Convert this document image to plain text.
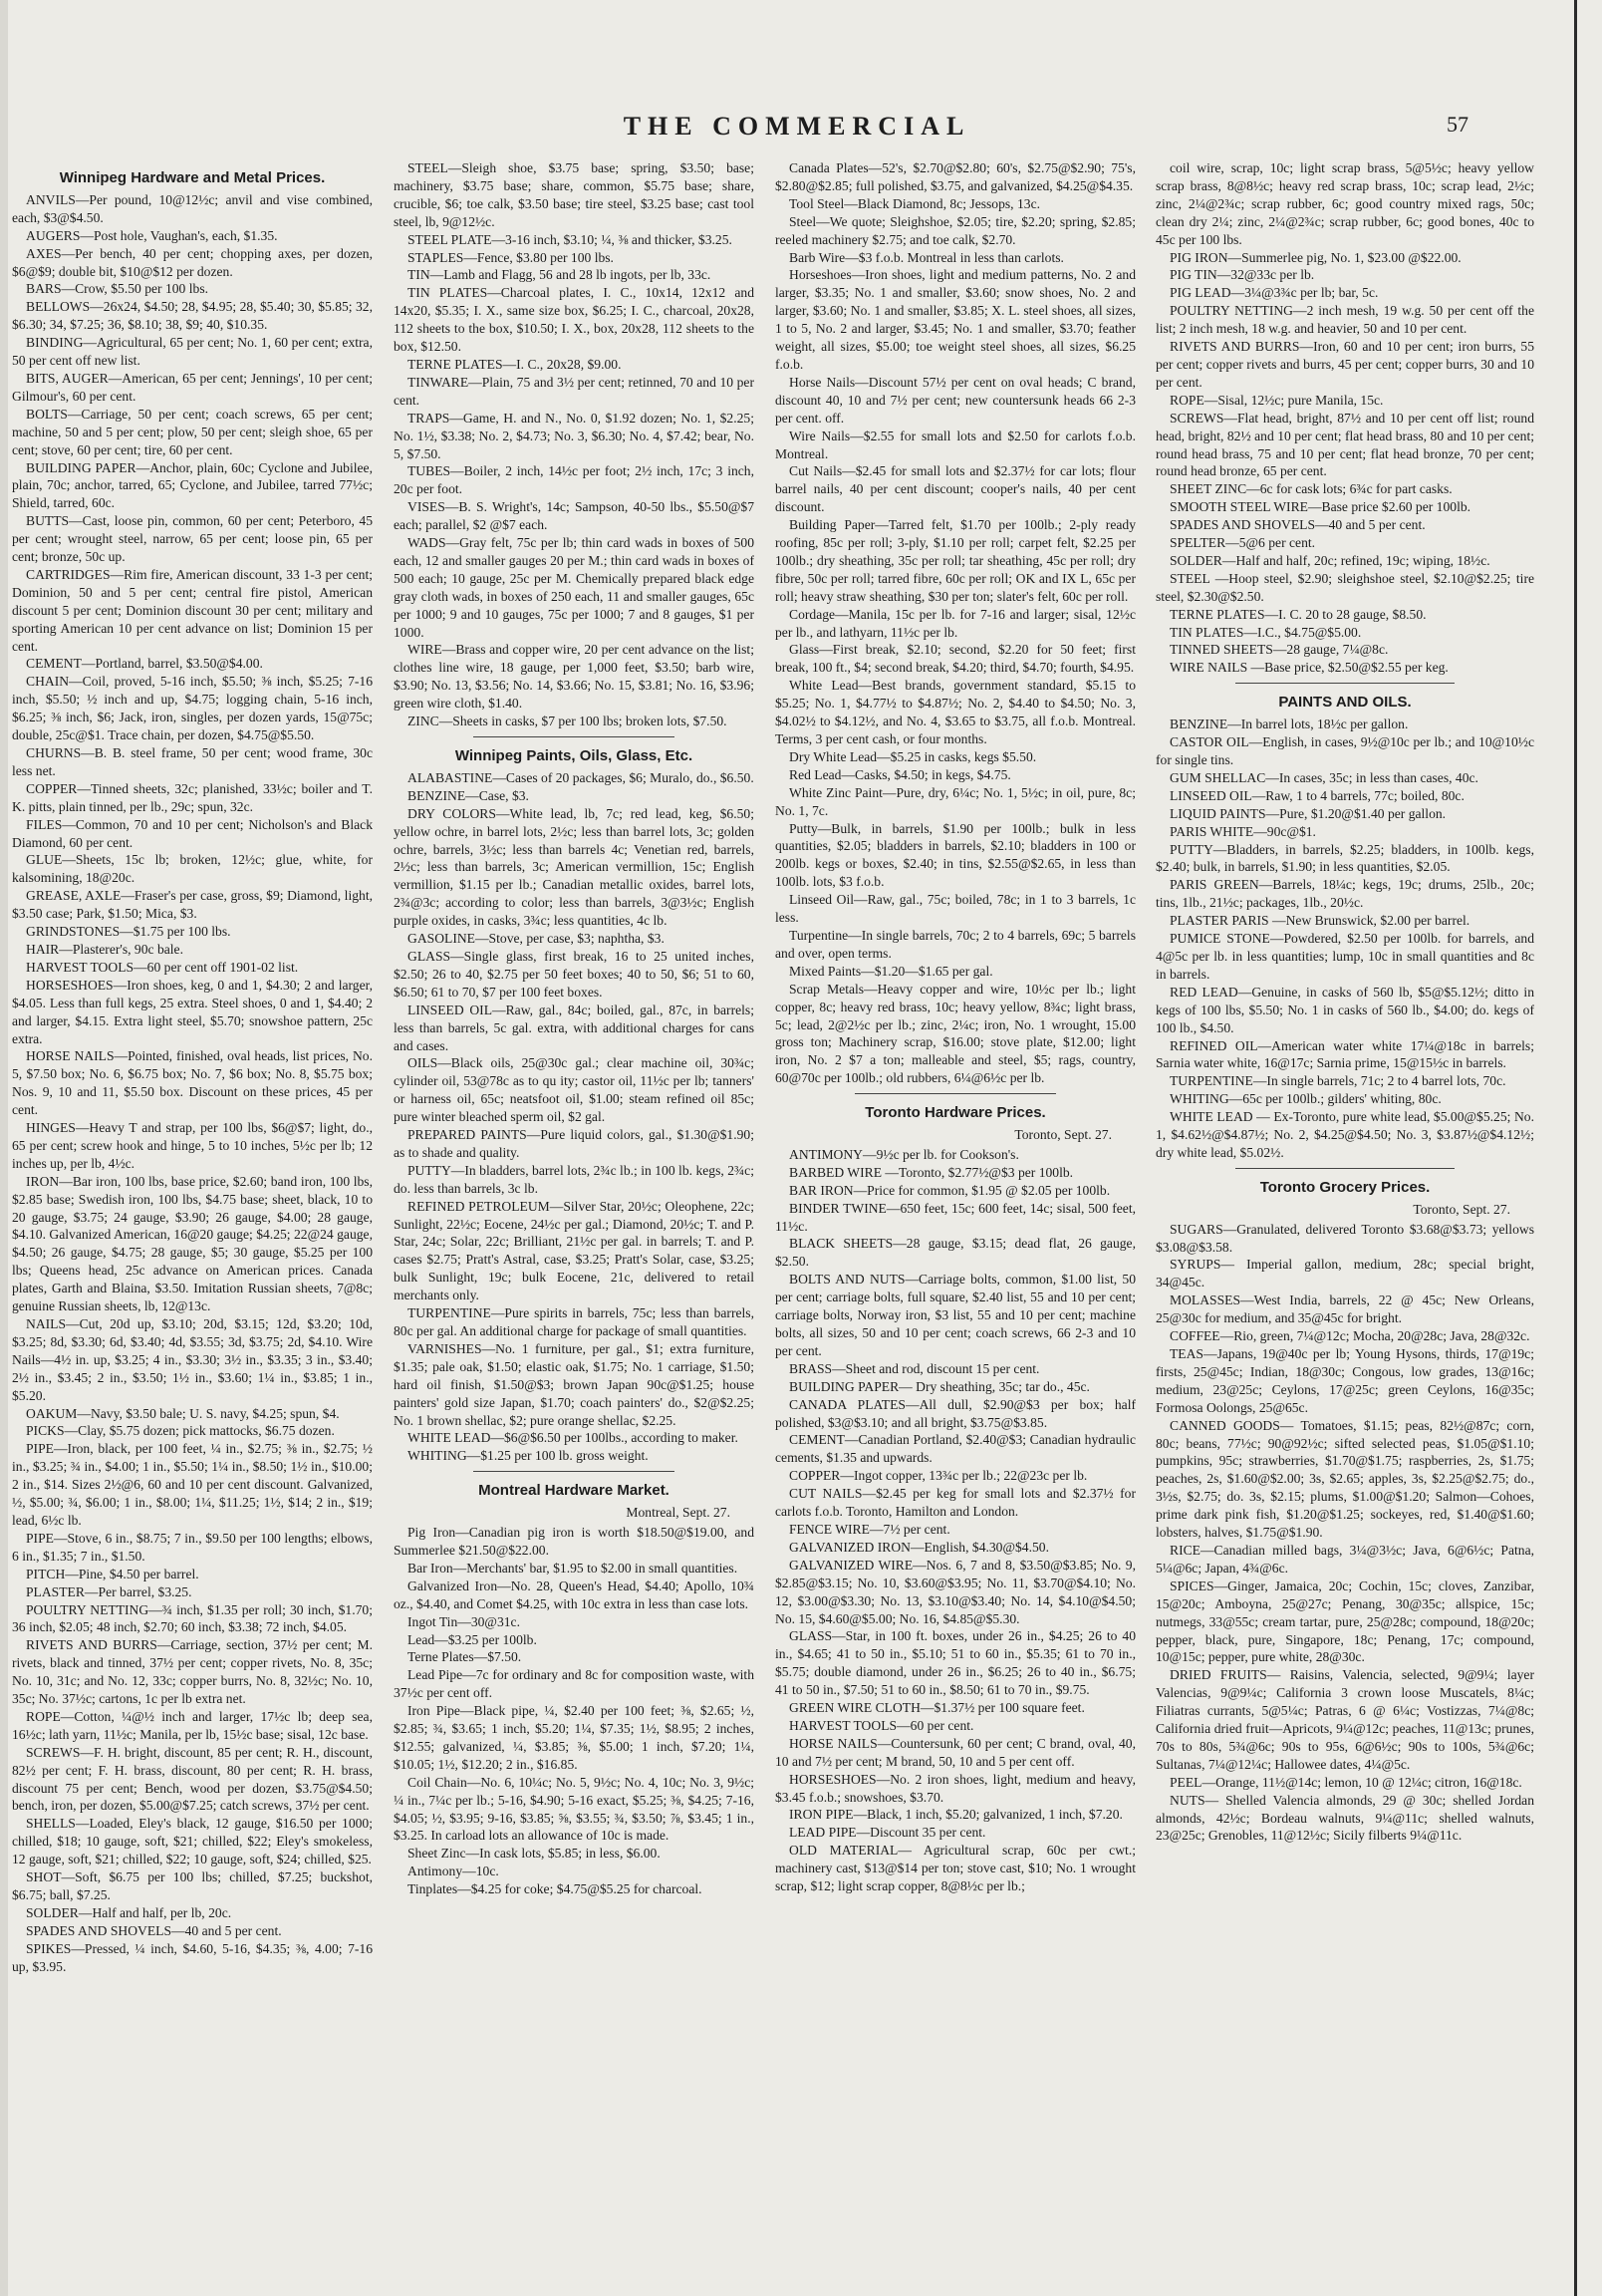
THE COMMERCIAL	57
Winnipeg Hardware and Metal Prices.

ANVILS—Per pound, 10@12½c; anvil and vise combined, each, $3@$4.50.

AUGERS—Post hole, Vaughan's, each, $1.35.

AXES—Per bench, 40 per cent; chopping axes, per dozen, $6@$9; double bit, $10@$12 per dozen.

BARS—Crow, $5.50 per 100 lbs.

BELLOWS—26x24, $4.50; 28, $4.95; 28, $5.40; 30, $5.85; 32, $6.30; 34, $7.25; 36, $8.10; 38, $9; 40, $10.35.

BINDING—Agricultural, 65 per cent; No. 1, 60 per cent; extra, 50 per cent off new list.

BITS, AUGER—American, 65 per cent; Jennings', 10 per cent; Gilmour's, 60 per cent.

BOLTS—Carriage, 50 per cent; coach screws, 65 per cent; machine, 50 and 5 per cent; plow, 50 per cent; sleigh shoe, 65 per cent; stove, 60 per cent; tire, 60 per cent.

BUILDING PAPER—Anchor, plain, 60c; Cyclone and Jubilee, plain, 70c; anchor, tarred, 65; Cyclone, and Jubilee, tarred 77½c; Shield, tarred, 60c.

BUTTS—Cast, loose pin, common, 60 per cent; Peterboro, 45 per cent; wrought steel, narrow, 65 per cent; loose pin, 65 per cent; bronze, 50c up.

CARTRIDGES—Rim fire, American discount, 33 1-3 per cent; Dominion, 50 and 5 per cent; central fire pistol, American discount 5 per cent; Dominion discount 30 per cent; military and sporting American 10 per cent advance on list; Dominion 15 per cent.

CEMENT—Portland, barrel, $3.50@$4.00.

CHAIN—Coil, proved, 5-16 inch, $5.50; ⅜ inch, $5.25; 7-16 inch, $5.50; ½ inch and up, $4.75; logging chain, 5-16 inch, $6.25; ⅜ inch, $6; Jack, iron, singles, per dozen yards, 15@75c; double, 25c@$1. Trace chain, per dozen, $4.75@$5.50.

CHURNS—B. B. steel frame, 50 per cent; wood frame, 30c less net.

COPPER—Tinned sheets, 32c; planished, 33½c; boiler and T. K. pitts, plain tinned, per lb., 29c; spun, 32c.

FILES—Common, 70 and 10 per cent; Nicholson's and Black Diamond, 60 per cent.

GLUE—Sheets, 15c lb; broken, 12½c; glue, white, for kalsomining, 18@20c.

GREASE, AXLE—Fraser's per case, gross, $9; Diamond, light, $3.50 case; Park, $1.50; Mica, $3.

GRINDSTONES—$1.75 per 100 lbs.

HAIR—Plasterer's, 90c bale.

HARVEST TOOLS—60 per cent off 1901-02 list.

HORSESHOES—Iron shoes, keg, 0 and 1, $4.30; 2 and larger, $4.05. Less than full kegs, 25 extra. Steel shoes, 0 and 1, $4.40; 2 and larger, $4.15. Extra light steel, $5.70; snowshoe pattern, 25c extra.

HORSE NAILS—Pointed, finished, oval heads, list prices, No. 5, $7.50 box; No. 6, $6.75 box; No. 7, $6 box; No. 8, $5.75 box; Nos. 9, 10 and 11, $5.50 box. Discount on these prices, 45 per cent.

HINGES—Heavy T and strap, per 100 lbs, $6@$7; light, do., 65 per cent; screw hook and hinge, 5 to 10 inches, 5½c per lb; 12 inches up, per lb, 4½c.

IRON—Bar iron, 100 lbs, base price, $2.60; band iron, 100 lbs, $2.85 base; Swedish iron, 100 lbs, $4.75 base; sheet, black, 10 to 20 gauge, $3.75; 24 gauge, $3.90; 26 gauge, $4.00; 28 gauge, $4.10. Galvanized American, 16@20 gauge; $4.25; 22@24 gauge, $4.50; 26 gauge, $4.75; 28 gauge, $5; 30 gauge, $5.25 per 100 lbs; Queens head, 25c advance on American prices. Canada plates, Garth and Blaina, $3.50. Imitation Russian sheets, 7@8c; genuine Russian sheets, lb, 12@13c.

NAILS—Cut, 20d up, $3.10; 20d, $3.15; 12d, $3.20; 10d, $3.25; 8d, $3.30; 6d, $3.40; 4d, $3.55; 3d, $3.75; 2d, $4.10. Wire Nails—4½ in. up, $3.25; 4 in., $3.30; 3½ in., $3.35; 3 in., $3.40; 2½ in., $3.45; 2 in., $3.50; 1½ in., $3.60; 1¼ in., $3.85; 1 in., $5.20.

OAKUM—Navy, $3.50 bale; U. S. navy, $4.25; spun, $4.

PICKS—Clay, $5.75 dozen; pick mattocks, $6.75 dozen.

PIPE—Iron, black, per 100 feet, ¼ in., $2.75; ⅜ in., $2.75; ½ in., $3.25; ¾ in., $4.00; 1 in., $5.50; 1¼ in., $8.50; 1½ in., $10.00; 2 in., $14. Sizes 2½@6, 60 and 10 per cent discount. Galvanized, ½, $5.00; ¾, $6.00; 1 in., $8.00; 1¼, $11.25; 1½, $14; 2 in., $19; lead, 6½c lb.

PIPE—Stove, 6 in., $8.75; 7 in., $9.50 per 100 lengths; elbows, 6 in., $1.35; 7 in., $1.50.

PITCH—Pine, $4.50 per barrel.

PLASTER—Per barrel, $3.25.

POULTRY NETTING—¾ inch, $1.35 per roll; 30 inch, $1.70; 36 inch, $2.05; 48 inch, $2.70; 60 inch, $3.38; 72 inch, $4.05.

RIVETS AND BURRS—Carriage, section, 37½ per cent; M. rivets, black and tinned, 37½ per cent; copper rivets, No. 8, 35c; No. 10, 31c; and No. 12, 33c; copper burrs, No. 8, 32½c; No. 10, 35c; No. 37½c; cartons, 1c per lb extra net.

ROPE—Cotton, ¼@½ inch and larger, 17½c lb; deep sea, 16½c; lath yarn, 11½c; Manila, per lb, 15½c base; sisal, 12c base.

SCREWS—F. H. bright, discount, 85 per cent; R. H., discount, 82½ per cent; F. H. brass, discount, 80 per cent; R. H. brass, discount 75 per cent; Bench, wood per dozen, $3.75@$4.50; bench, iron, per dozen, $5.00@$7.25; catch screws, 37½ per cent.

SHELLS—Loaded, Eley's black, 12 gauge, $16.50 per 1000; chilled, $18; 10 gauge, soft, $21; chilled, $22; Eley's smokeless, 12 gauge, soft, $21; chilled, $22; 10 gauge, soft, $24; chilled, $25.

SHOT—Soft, $6.75 per 100 lbs; chilled, $7.25; buckshot, $6.75; ball, $7.25.

SOLDER—Half and half, per lb, 20c.

SPADES AND SHOVELS—40 and 5 per cent.

SPIKES—Pressed, ¼ inch, $4.60, 5-16, $4.35; ⅜, 4.00; 7-16 up, $3.95.

STEEL—Sleigh shoe, $3.75 base; spring, $3.50; base; machinery, $3.75 base; share, common, $5.75 base; share, crucible, $6; toe calk, $3.50 base; tire steel, $3.25 base; cast tool steel, lb, 9@12½c.

STEEL PLATE—3-16 inch, $3.10; ¼, ⅜ and thicker, $3.25.

STAPLES—Fence, $3.80 per 100 lbs.

TIN—Lamb and Flagg, 56 and 28 lb ingots, per lb, 33c.

TIN PLATES—Charcoal plates, I. C., 10x14, 12x12 and 14x20, $5.35; I. X., same size box, $6.25; I. C., charcoal, 20x28, 112 sheets to the box, $10.50; I. X., box, 20x28, 112 sheets to the box, $12.50.

TERNE PLATES—I. C., 20x28, $9.00.

TINWARE—Plain, 75 and 3½ per cent; retinned, 70 and 10 per cent.

TRAPS—Game, H. and N., No. 0, $1.92 dozen; No. 1, $2.25; No. 1½, $3.38; No. 2, $4.73; No. 3, $6.30; No. 4, $7.42; bear, No. 5, $7.50.

TUBES—Boiler, 2 inch, 14½c per foot; 2½ inch, 17c; 3 inch, 20c per foot.

VISES—B. S. Wright's, 14c; Sampson, 40-50 lbs., $5.50@$7 each; parallel, $2 @$7 each.

WADS—Gray felt, 75c per lb; thin card wads in boxes of 500 each, 12 and smaller gauges 20 per M.; thin card wads in boxes of 500 each; 10 gauge, 25c per M. Chemically prepared black edge gray cloth wads, in boxes of 250 each, 11 and smaller gauges, 65c per 1000; 9 and 10 gauges, 75c per 1000; 7 and 8 gauges, $1 per 1000.

WIRE—Brass and copper wire, 20 per cent advance on the list; clothes line wire, 18 gauge, per 1,000 feet, $3.50; barb wire, $3.90; No. 13, $3.56; No. 14, $3.66; No. 15, $3.81; No. 16, $3.96; green wire cloth, $1.40.

ZINC—Sheets in casks, $7 per 100 lbs; broken lots, $7.50.

Winnipeg Paints, Oils, Glass, Etc.

ALABASTINE—Cases of 20 packages, $6; Muralo, do., $6.50.

BENZINE—Case, $3.

DRY COLORS—White lead, lb, 7c; red lead, keg, $6.50; yellow ochre, in barrel lots, 2½c; less than barrel lots, 3c; golden ochre, barrels, 3½c; less than barrels 4c; Venetian red, barrels, 2½c; less than barrels, 3c; American vermillion, 15c; English vermillion, $1.15 per lb.; Canadian metallic oxides, barrel lots, 2¾@3c; according to color; less than barrels, 3@3½c; English purple oxides, in casks, 3¾c; less quantities, 4c lb.

GASOLINE—Stove, per case, $3; naphtha, $3.

GLASS—Single glass, first break, 16 to 25 united inches, $2.50; 26 to 40, $2.75 per 50 feet boxes; 40 to 50, $6; 51 to 60, $6.50; 61 to 70, $7 per 100 feet boxes.

LINSEED OIL—Raw, gal., 84c; boiled, gal., 87c, in barrels; less than barrels, 5c gal. extra, with additional charges for cans and cases.

OILS—Black oils, 25@30c gal.; clear machine oil, 30¾c; cylinder oil, 53@78c as to qu ity; castor oil, 11½c per lb; tanners' or harness oil, 65c; neatsfoot oil, $1.00; steam refined oil 85c; pure winter bleached sperm oil, $2 gal.

PREPARED PAINTS—Pure liquid colors, gal., $1.30@$1.90; as to shade and quality.

PUTTY—In bladders, barrel lots, 2¾c lb.; in 100 lb. kegs, 2¾c; do. less than barrels, 3c lb.

REFINED PETROLEUM—Silver Star, 20½c; Oleophene, 22c; Sunlight, 22½c; Eocene, 24½c per gal.; Diamond, 20½c; T. and P. Star, 24c; Solar, 22c; Brilliant, 21½c per gal. in barrels; T. and P. cases $2.75; Pratt's Astral, case, $3.25; Pratt's Solar, case, $3.25; bulk Sunlight, 19c; bulk Eocene, 21c, delivered to retail merchants only.

TURPENTINE—Pure spirits in barrels, 75c; less than barrels, 80c per gal. An additional charge for package of small quantities.

VARNISHES—No. 1 furniture, per gal., $1; extra furniture, $1.35; pale oak, $1.50; elastic oak, $1.75; No. 1 carriage, $1.50; hard oil finish, $1.50@$3; brown Japan 90c@$1.25; house painters' gold size Japan, $1.70; coach painters' do., $2@$2.25; No. 1 brown shellac, $2; pure orange shellac, $2.25.

WHITE LEAD—$6@$6.50 per 100lbs., according to maker.

WHITING—$1.25 per 100 lb. gross weight.

Montreal Hardware Market.

Montreal, Sept. 27.

Pig Iron—Canadian pig iron is worth $18.50@$19.00, and Summerlee $21.50@$22.00.

Bar Iron—Merchants' bar, $1.95 to $2.00 in small quantities.

Galvanized Iron—No. 28, Queen's Head, $4.40; Apollo, 10¾ oz., $4.40, and Comet $4.25, with 10c extra in less than case lots.

Ingot Tin—30@31c.

Lead—$3.25 per 100lb.

Terne Plates—$7.50.

Lead Pipe—7c for ordinary and 8c for composition waste, with 37½c per cent off.

Iron Pipe—Black pipe, ¼, $2.40 per 100 feet; ⅜, $2.65; ½, $2.85; ¾, $3.65; 1 inch, $5.20; 1¼, $7.35; 1½, $8.95; 2 inches, $12.55; galvanized, ¼, $3.85; ⅜, $5.00; 1 inch, $7.20; 1¼, $10.05; 1½, $12.20; 2 in., $16.85.

Coil Chain—No. 6, 10¼c; No. 5, 9½c; No. 4, 10c; No. 3, 9½c; ¼ in., 7¼c per lb.; 5-16, $4.90; 5-16 exact, $5.25; ⅜, $4.25; 7-16, $4.05; ½, $3.95; 9-16, $3.85; ⅝, $3.55; ¾, $3.50; ⅞, $3.45; 1 in., $3.25. In carload lots an allowance of 10c is made.

Sheet Zinc—In cask lots, $5.85; in less, $6.00.

Antimony—10c.

Tinplates—$4.25 for coke; $4.75@$5.25 for charcoal.

Canada Plates—52's, $2.70@$2.80; 60's, $2.75@$2.90; 75's, $2.80@$2.85; full polished, $3.75, and galvanized, $4.25@$4.35.

Tool Steel—Black Diamond, 8c; Jessops, 13c.

Steel—We quote; Sleighshoe, $2.05; tire, $2.20; spring, $2.85; reeled machinery $2.75; and toe calk, $2.70.

Barb Wire—$3 f.o.b. Montreal in less than carlots.

Horseshoes—Iron shoes, light and medium patterns, No. 2 and larger, $3.35; No. 1 and smaller, $3.60; snow shoes, No. 2 and larger, $3.60; No. 1 and smaller, $3.85; X. L. steel shoes, all sizes, 1 to 5, No. 2 and larger, $3.45; No. 1 and smaller, $3.70; feather weight, all sizes, $5.00; toe weight steel shoes, all sizes, $6.25 f.o.b.

Horse Nails—Discount 57½ per cent on oval heads; C brand, discount 40, 10 and 7½ per cent; new countersunk heads 66 2-3 per cent. off.

Wire Nails—$2.55 for small lots and $2.50 for carlots f.o.b. Montreal.

Cut Nails—$2.45 for small lots and $2.37½ for car lots; flour barrel nails, 40 per cent discount; cooper's nails, 40 per cent discount.

Building Paper—Tarred felt, $1.70 per 100lb.; 2-ply ready roofing, 85c per roll; 3-ply, $1.10 per roll; carpet felt, $2.25 per 100lb.; dry sheathing, 35c per roll; tar sheathing, 45c per roll; dry fibre, 50c per roll; tarred fibre, 60c per roll; OK and IX L, 65c per roll; heavy straw sheathing, $30 per ton; slater's felt, 60c per roll.

Cordage—Manila, 15c per lb. for 7-16 and larger; sisal, 12½c per lb., and lathyarn, 11½c per lb.

Glass—First break, $2.10; second, $2.20 for 50 feet; first break, 100 ft., $4; second break, $4.20; third, $4.70; fourth, $4.95.

White Lead—Best brands, government standard, $5.15 to $5.25; No. 1, $4.77½ to $4.87½; No. 2, $4.40 to $4.50; No. 3, $4.02½ to $4.12½, and No. 4, $3.65 to $3.75, all f.o.b. Montreal. Terms, 3 per cent cash, or four months.

Dry White Lead—$5.25 in casks, kegs $5.50.

Red Lead—Casks, $4.50; in kegs, $4.75.

White Zinc Paint—Pure, dry, 6¼c; No. 1, 5½c; in oil, pure, 8c; No. 1, 7c.

Putty—Bulk, in barrels, $1.90 per 100lb.; bulk in less quantities, $2.05; bladders in barrels, $2.10; bladders in 100 or 200lb. kegs or boxes, $2.40; in tins, $2.55@$2.65, in less than 100lb. lots, $3 f.o.b.

Linseed Oil—Raw, gal., 75c; boiled, 78c; in 1 to 3 barrels, 1c less.

Turpentine—In single barrels, 70c; 2 to 4 barrels, 69c; 5 barrels and over, open terms.

Mixed Paints—$1.20—$1.65 per gal.

Scrap Metals—Heavy copper and wire, 10½c per lb.; light copper, 8c; heavy red brass, 10c; heavy yellow, 8¾c; light brass, 5c; lead, 2@2½c per lb.; zinc, 2¼c; iron, No. 1 wrought, 15.00 gross ton; Machinery scrap, $16.00; stove plate, $12.00; light iron, No. 2 $7 a ton; malleable and steel, $5; rags, country, 60@70c per 100lb.; old rubbers, 6¼@6½c per lb.

Toronto Hardware Prices.

Toronto, Sept. 27.

ANTIMONY—9½c per lb. for Cookson's.

BARBED WIRE —Toronto, $2.77½@$3 per 100lb.

BAR IRON—Price for common, $1.95 @ $2.05 per 100lb.

BINDER TWINE—650 feet, 15c; 600 feet, 14c; sisal, 500 feet, 11½c.

BLACK SHEETS—28 gauge, $3.15; dead flat, 26 gauge, $2.50.

BOLTS AND NUTS—Carriage bolts, common, $1.00 list, 50 per cent; carriage bolts, full square, $2.40 list, 55 and 10 per cent; carriage bolts, Norway iron, $3 list, 55 and 10 per cent; machine bolts, all sizes, 50 and 10 per cent; coach screws, 66 2-3 and 10 per cent.

BRASS—Sheet and rod, discount 15 per cent.

BUILDING PAPER— Dry sheathing, 35c; tar do., 45c.

CANADA PLATES—All dull, $2.90@$3 per box; half polished, $3@$3.10; and all bright, $3.75@$3.85.

CEMENT—Canadian Portland, $2.40@$3; Canadian hydraulic cements, $1.35 and upwards.

COPPER—Ingot copper, 13¾c per lb.; 22@23c per lb.

CUT NAILS—$2.45 per keg for small lots and $2.37½ for carlots f.o.b. Toronto, Hamilton and London.

FENCE WIRE—7½ per cent.

GALVANIZED IRON—English, $4.30@$4.50.

GALVANIZED WIRE—Nos. 6, 7 and 8, $3.50@$3.85; No. 9, $2.85@$3.15; No. 10, $3.60@$3.95; No. 11, $3.70@$4.10; No. 12, $3.00@$3.30; No. 13, $3.10@$3.40; No. 14, $4.10@$4.50; No. 15, $4.60@$5.00; No. 16, $4.85@$5.30.

GLASS—Star, in 100 ft. boxes, under 26 in., $4.25; 26 to 40 in., $4.65; 41 to 50 in., $5.10; 51 to 60 in., $5.35; 61 to 70 in., $5.75; double diamond, under 26 in., $6.25; 26 to 40 in., $6.75; 41 to 50 in., $7.50; 51 to 60 in., $8.50; 61 to 70 in., $9.75.

GREEN WIRE CLOTH—$1.37½ per 100 square feet.

HARVEST TOOLS—60 per cent.

HORSE NAILS—Countersunk, 60 per cent; C brand, oval, 40, 10 and 7½ per cent; M brand, 50, 10 and 5 per cent off.

HORSESHOES—No. 2 iron shoes, light, medium and heavy, $3.45 f.o.b.; snowshoes, $3.70.

IRON PIPE—Black, 1 inch, $5.20; galvanized, 1 inch, $7.20.

LEAD PIPE—Discount 35 per cent.

OLD MATERIAL— Agricultural scrap, 60c per cwt.; machinery cast, $13@$14 per ton; stove cast, $10; No. 1 wrought scrap, $12; light scrap copper, 8@8½c per lb.;

coil wire, scrap, 10c; light scrap brass, 5@5½c; heavy yellow scrap brass, 8@8½c; heavy red scrap brass, 10c; scrap lead, 2½c; zinc, 2¼@2¾c; scrap rubber, 6c; good country mixed rags, 50c; clean dry 2¼; zinc, 2¼@2¾c; scrap rubber, 6c; good bones, 40c to 45c per 100 lbs.

PIG IRON—Summerlee pig, No. 1, $23.00 @$22.00.

PIG TIN—32@33c per lb.

PIG LEAD—3¼@3¾c per lb; bar, 5c.

POULTRY NETTING—2 inch mesh, 19 w.g. 50 per cent off the list; 2 inch mesh, 18 w.g. and heavier, 50 and 10 per cent.

RIVETS AND BURRS—Iron, 60 and 10 per cent; iron burrs, 55 per cent; copper rivets and burrs, 45 per cent; copper burrs, 30 and 10 per cent.

ROPE—Sisal, 12½c; pure Manila, 15c.

SCREWS—Flat head, bright, 87½ and 10 per cent off list; round head, bright, 82½ and 10 per cent; flat head brass, 80 and 10 per cent; round head brass, 75 and 10 per cent; flat head bronze, 70 per cent; round head bronze, 65 per cent.

SHEET ZINC—6c for cask lots; 6¾c for part casks.

SMOOTH STEEL WIRE—Base price $2.60 per 100lb.

SPADES AND SHOVELS—40 and 5 per cent.

SPELTER—5@6 per cent.

SOLDER—Half and half, 20c; refined, 19c; wiping, 18½c.

STEEL —Hoop steel, $2.90; sleighshoe steel, $2.10@$2.25; tire steel, $2.30@$2.50.

TERNE PLATES—I. C. 20 to 28 gauge, $8.50.

TIN PLATES—I.C., $4.75@$5.00.

TINNED SHEETS—28 gauge, 7¼@8c.

WIRE NAILS —Base price, $2.50@$2.55 per keg.

PAINTS AND OILS.

BENZINE—In barrel lots, 18½c per gallon.

CASTOR OIL—English, in cases, 9½@10c per lb.; and 10@10½c for single tins.

GUM SHELLAC—In cases, 35c; in less than cases, 40c.

LINSEED OIL—Raw, 1 to 4 barrels, 77c; boiled, 80c.

LIQUID PAINTS—Pure, $1.20@$1.40 per gallon.

PARIS WHITE—90c@$1.

PUTTY—Bladders, in barrels, $2.25; bladders, in 100lb. kegs, $2.40; bulk, in barrels, $1.90; in less quantities, $2.05.

PARIS GREEN—Barrels, 18¼c; kegs, 19c; drums, 25lb., 20c; tins, 1lb., 21½c; packages, 1lb., 20½c.

PLASTER PARIS —New Brunswick, $2.00 per barrel.

PUMICE STONE—Powdered, $2.50 per 100lb. for barrels, and 4@5c per lb. in less quantities; lump, 10c in small quantities and 8c in barrels.

RED LEAD—Genuine, in casks of 560 lb, $5@$5.12½; ditto in kegs of 100 lbs, $5.50; No. 1 in casks of 560 lb., $4.00; do. kegs of 100 lb., $4.50.

REFINED OIL—American water white 17¼@18c in barrels; Sarnia water white, 16@17c; Sarnia prime, 15@15½c in barrels.

TURPENTINE—In single barrels, 71c; 2 to 4 barrel lots, 70c.

WHITING—65c per 100lb.; gilders' whiting, 80c.

WHITE LEAD — Ex-Toronto, pure white lead, $5.00@$5.25; No. 1, $4.62½@$4.87½; No. 2, $4.25@$4.50; No. 3, $3.87½@$4.12½; dry white lead, $5.02½.

Toronto Grocery Prices.

Toronto, Sept. 27.

SUGARS—Granulated, delivered Toronto $3.68@$3.73; yellows $3.08@$3.58.

SYRUPS— Imperial gallon, medium, 28c; special bright, 34@45c.

MOLASSES—West India, barrels, 22 @ 45c; New Orleans, 25@30c for medium, and 35@45c for bright.

COFFEE—Rio, green, 7¼@12c; Mocha, 20@28c; Java, 28@32c.

TEAS—Japans, 19@40c per lb; Young Hysons, thirds, 17@19c; firsts, 25@45c; Indian, 18@30c; Congous, low grades, 13@16c; medium, 23@25c; Ceylons, 17@25c; green Ceylons, 16@35c; Formosa Oolongs, 25@65c.

CANNED GOODS— Tomatoes, $1.15; peas, 82½@87c; corn, 80c; beans, 77½c; 90@92½c; sifted selected peas, $1.05@$1.10; pumpkins, 95c; strawberries, $1.70@$1.75; raspberries, 2s, $1.75; peaches, 2s, $1.60@$2.00; 3s, $2.65; apples, 3s, $2.25@$2.75; do., 3½s, $2.75; do. 3s, $2.15; plums, $1.00@$1.20; Salmon—Cohoes, prime dark pink fish, $1.20@$1.25; sockeyes, red, $1.40@$1.60; lobsters, halves, $1.75@$1.90.

RICE—Canadian milled bags, 3¼@3½c; Java, 6@6½c; Patna, 5¼@6c; Japan, 4¾@6c.

SPICES—Ginger, Jamaica, 20c; Cochin, 15c; cloves, Zanzibar, 15@20c; Amboyna, 25@27c; Penang, 30@35c; allspice, 15c; nutmegs, 33@55c; cream tartar, pure, 25@28c; compound, 18@20c; pepper, black, pure, Singapore, 18c; Penang, 17c; compound, 10@15c; pepper, pure white, 28@30c.

DRIED FRUITS— Raisins, Valencia, selected, 9@9¼; layer Valencias, 9@9¼c; California 3 crown loose Muscatels, 8¼c; Filiatras currants, 5@5¼c; Patras, 6 @ 6¼c; Vostizzas, 7¼@8c; California dried fruit—Apricots, 9¼@12c; peaches, 11@13c; prunes, 70s to 80s, 5¾@6c; 90s to 95s, 6@6½c; 90s to 100s, 5¾@6c; Sultanas, 7¼@12¼c; Hallowee dates, 4¼@5c.

PEEL—Orange, 11½@14c; lemon, 10 @ 12¼c; citron, 16@18c.

NUTS— Shelled Valencia almonds, 29 @ 30c; shelled Jordan almonds, 42½c; Bordeau walnuts, 9¼@11c; shelled walnuts, 23@25c; Grenobles, 11@12½c; Sicily filberts 9¼@11c.
